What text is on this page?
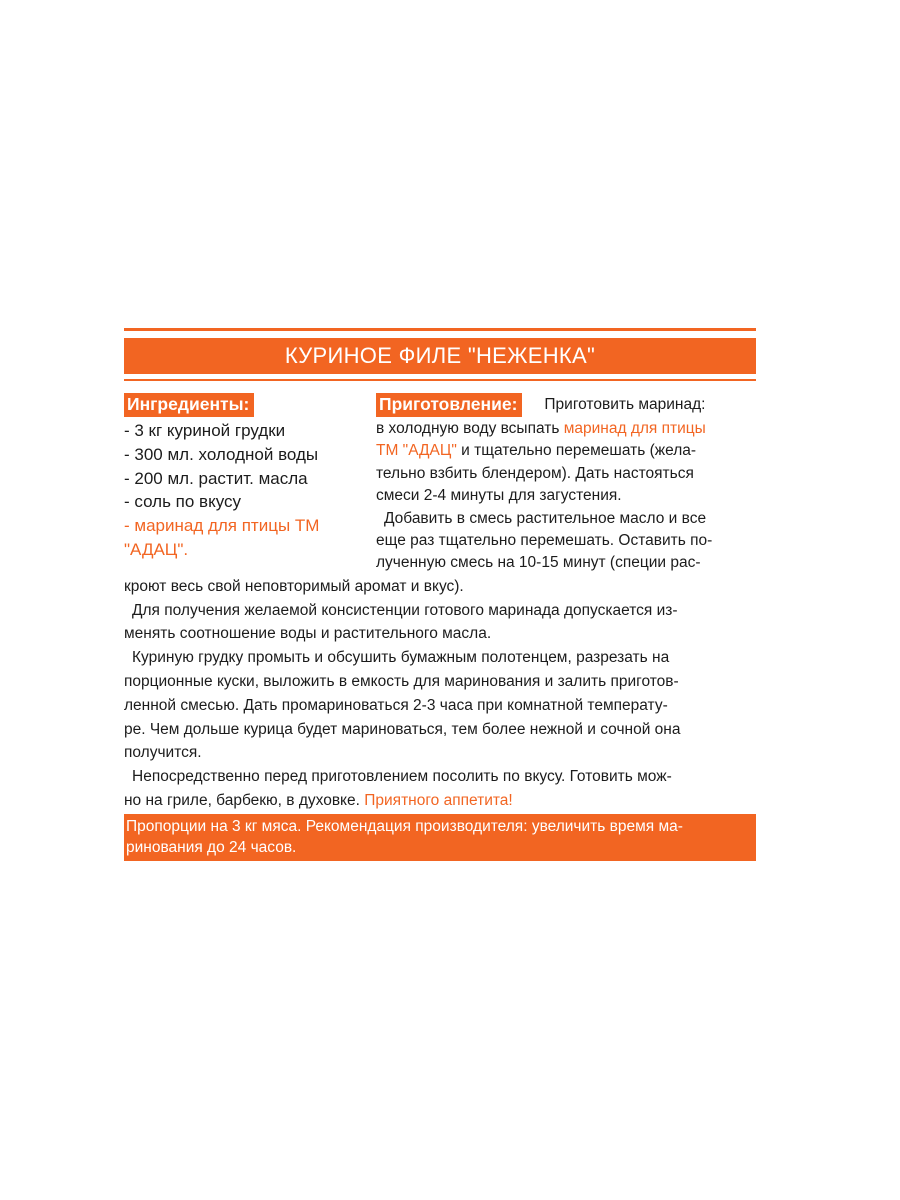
КУРИНОЕ ФИЛЕ "НЕЖЕНКА"
Ингредиенты:
- 3 кг куриной грудки
- 300 мл. холодной воды
- 200 мл. растит. масла
- соль по вкусу
- маринад для птицы ТМ
"АДАЦ".
Приготовление:	Приготовить маринад:
в холодную воду всыпать маринад для птицы
ТМ "АДАЦ" и тщательно перемешать (жела-
тельно взбить блендером). Дать настояться
смеси 2-4 минуты для загустения.
Добавить в смесь растительное масло и все
еще раз тщательно перемешать. Оставить по-
лученную смесь на 10-15 минут (специи рас-
кроют весь свой неповторимый аромат и вкус).
Для получения желаемой консистенции готового маринада допускается из-
менять соотношение воды и растительного масла.
Куриную грудку промыть и обсушить бумажным полотенцем, разрезать на
порционные куски, выложить в емкость для маринования и залить приготов-
ленной смесью. Дать промариноваться 2-3 часа при комнатной температу-
ре. Чем дольше курица будет мариноваться, тем более нежной и сочной она
получится.
Непосредственно перед приготовлением посолить по вкусу. Готовить мож-
но на гриле, барбекю, в духовке. Приятного аппетита!
Пропорции на 3 кг мяса. Рекомендация производителя: увеличить время ма-
ринования до 24 часов.
